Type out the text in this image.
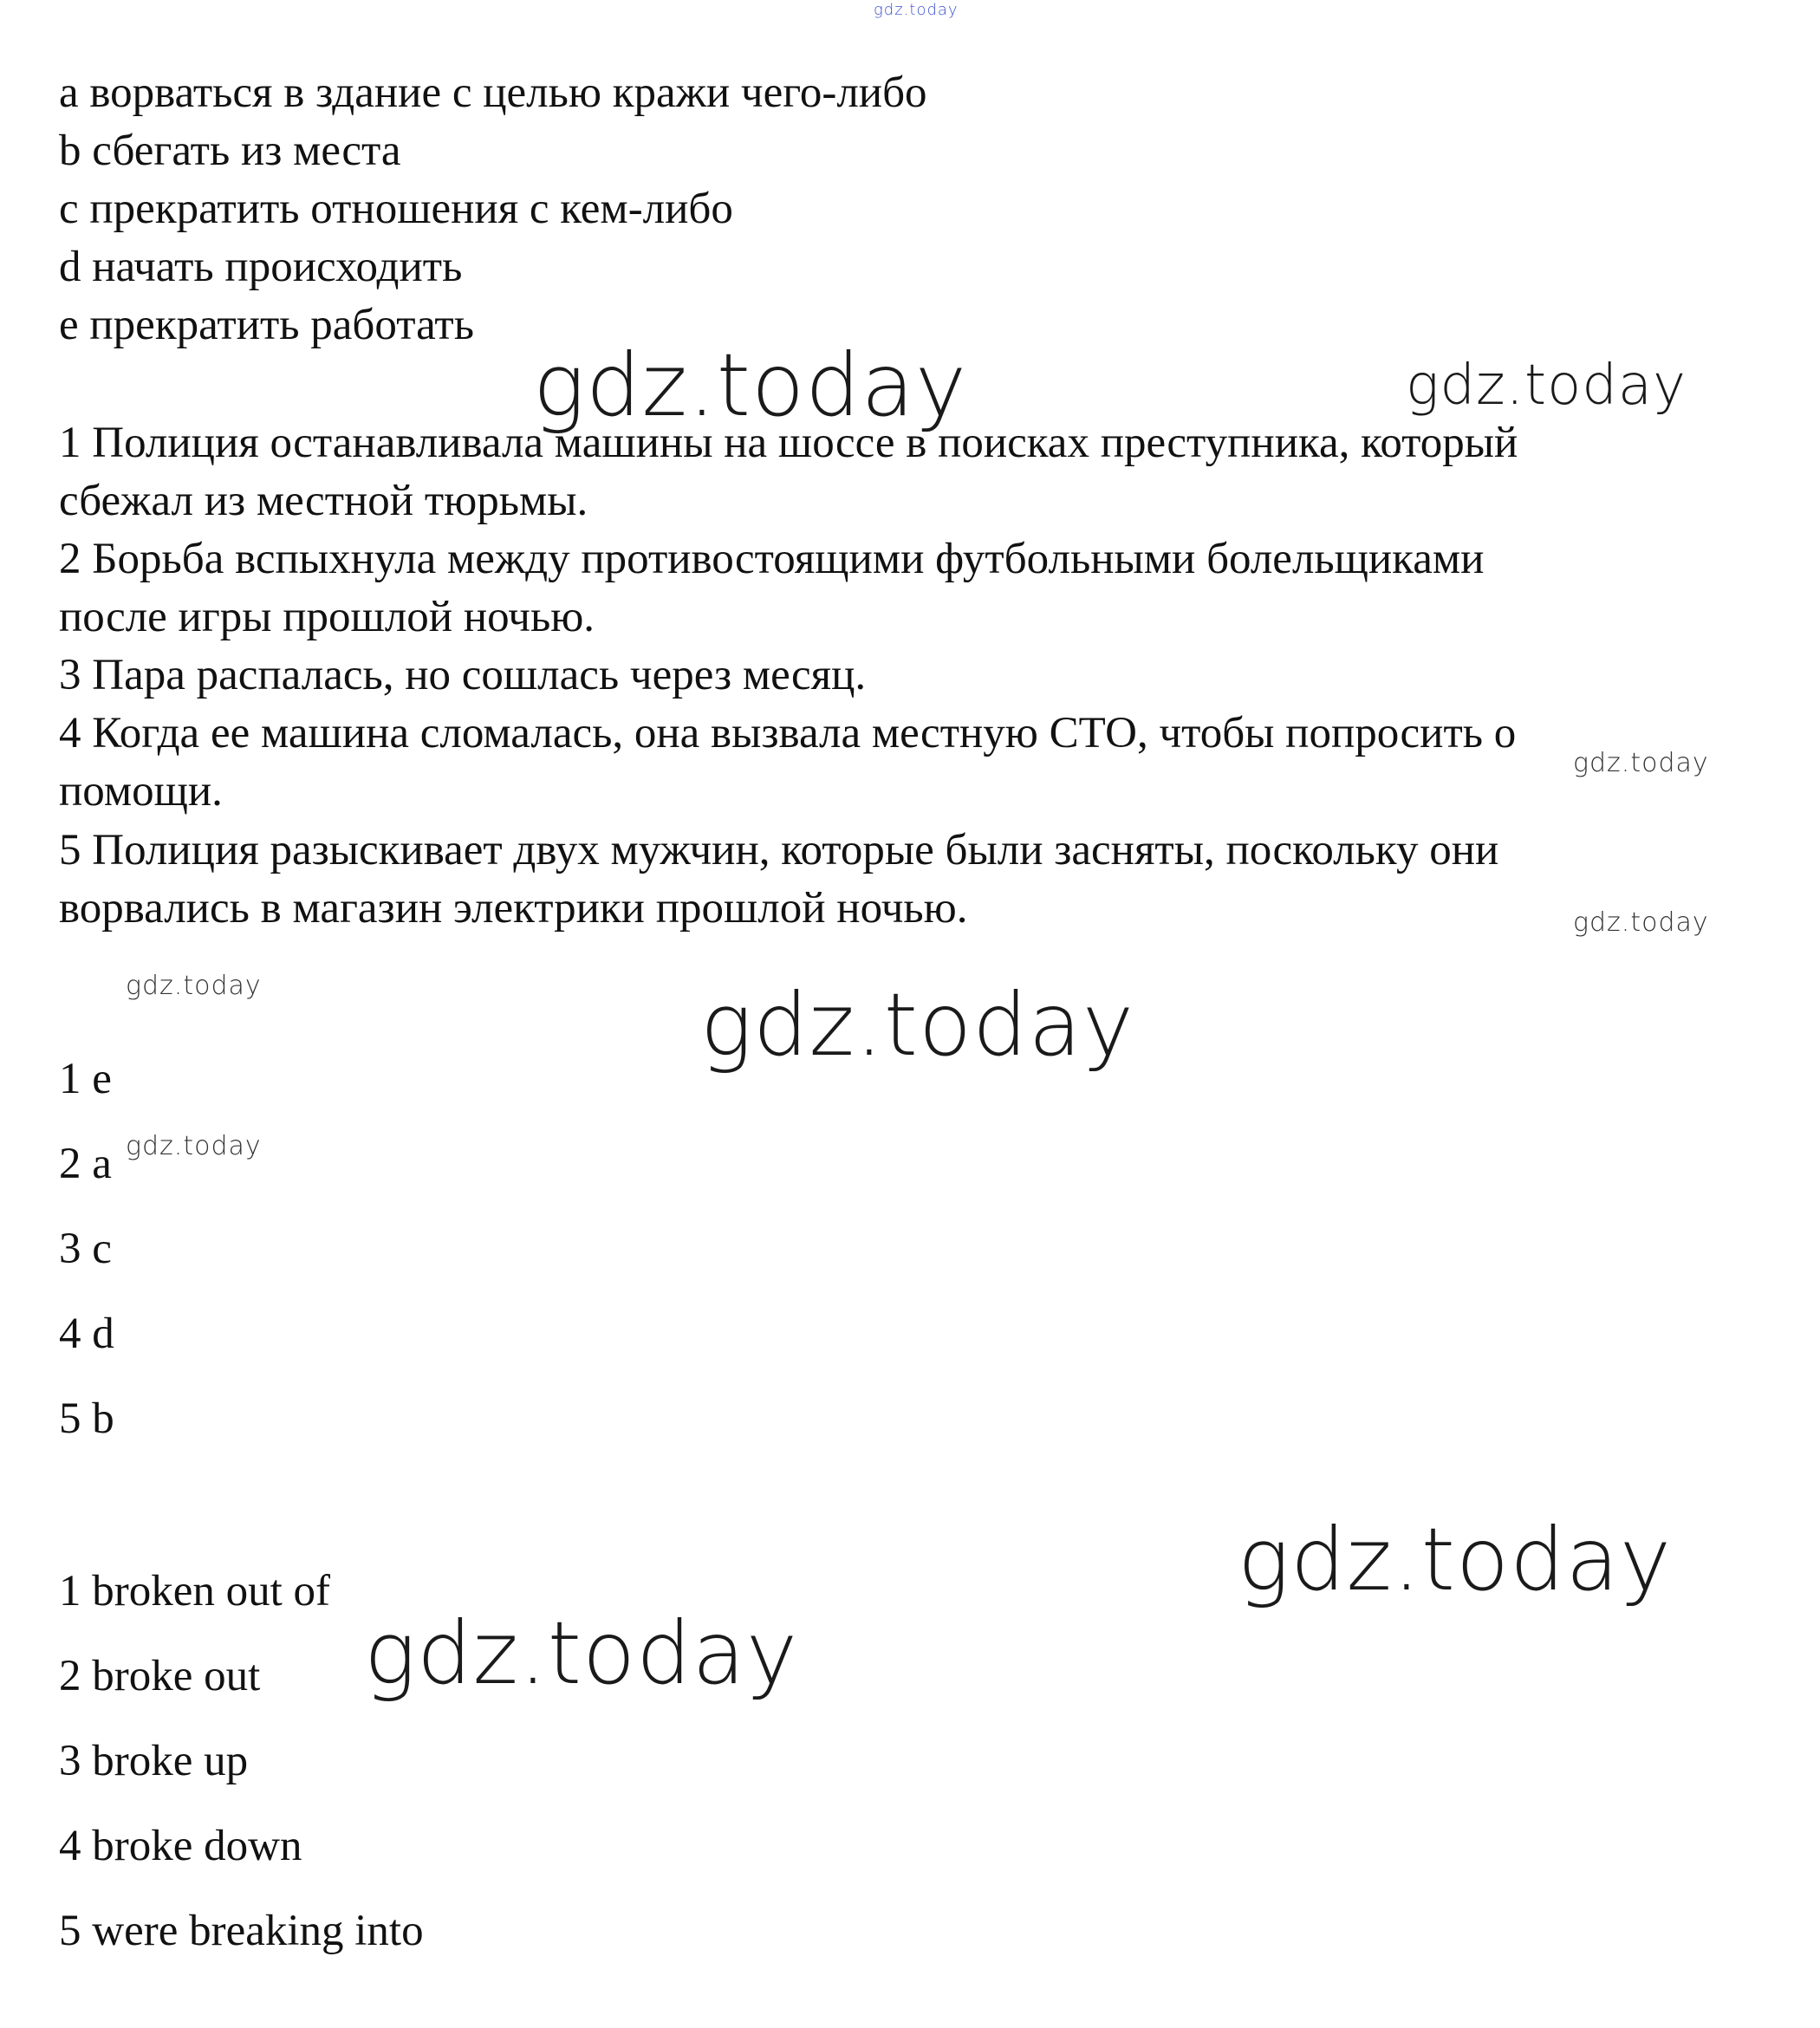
gdz.today

a ворваться в здание с целью кражи чего-либо

b сбегать из места

c прекратить отношения с кем-либо

d начать происходить

e прекратить работать

gdz.today	gdz.today

1 Полиция останавливала машины на шоссе в поисках преступника, который

сбежал из местной тюрьмы.

2 Борьба вспыхнула между противостоящими футбольными болельщиками

после игры прошлой ночью.

3 Пара распалась, но сошлась через месяц.

4 Когда ее машина сломалась, она вызвала местную СТО, чтобы попросить о

помощи.

5 Полиция разыскивает двух мужчин, которые были засняты, поскольку они

ворвались в магазин электрики прошлой ночью.

gdz.today
gdz.today
gdz.today	gdz.today

1 e

2 a

3 c

4 d

5 b

gdz.today
gdz.today
gdz.today

1 broken out of

2 broke out

3 broke up

4 broke down

5 were breaking into
